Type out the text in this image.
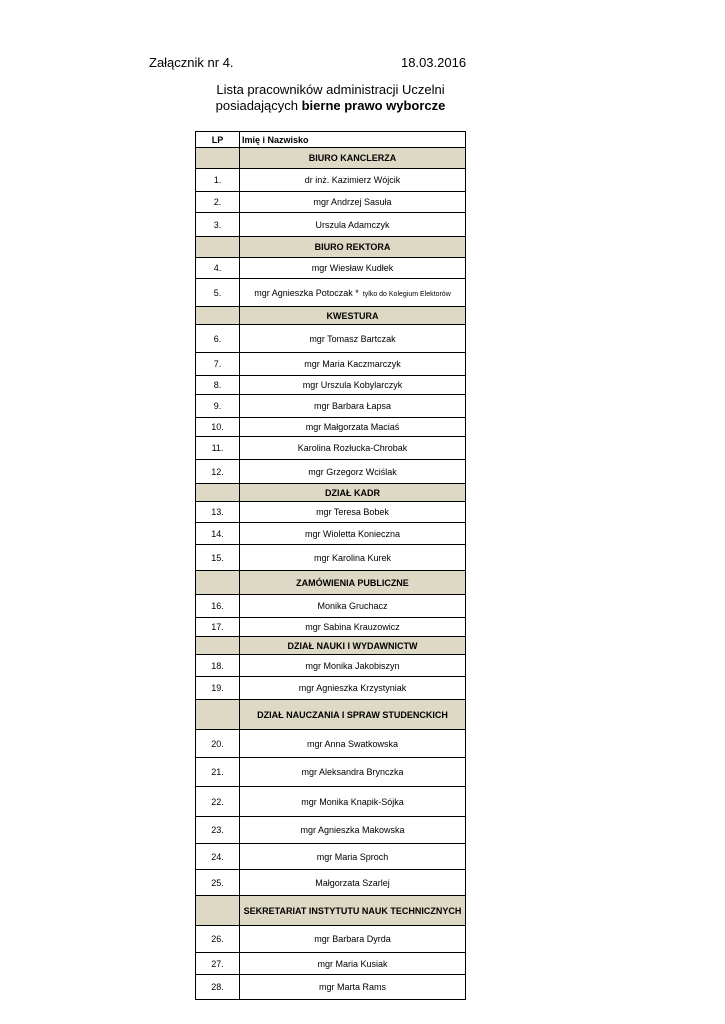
Załącznik nr 4.	18.03.2016
Lista pracowników administracji Uczelni
posiadających bierne prawo wyborcze
LP	Imię i Nazwisko
	BIURO KANCLERZA
1.	dr inż. Kazimierz Wójcik
2.	mgr Andrzej Sasuła
3.	Urszula Adamczyk
	BIURO REKTORA
4.	mgr Wiesław Kudłek
5.	mgr Agnieszka Potoczak * tylko do Kolegium Elektorów
	KWESTURA
6.	mgr Tomasz Bartczak
7.	mgr Maria Kaczmarczyk
8.	mgr Urszula Kobylarczyk
9.	mgr Barbara Łapsa
10.	mgr Małgorzata Maciaś
11.	Karolina Rozłucka-Chrobak
12.	mgr Grzegorz Wciślak
	DZIAŁ KADR
13.	mgr Teresa Bobek
14.	mgr Wioletta Konieczna
15.	mgr Karolina Kurek
	ZAMÓWIENIA PUBLICZNE
16.	Monika Gruchacz
17.	mgr Sabina Krauzowicz
	DZIAŁ NAUKI I WYDAWNICTW
18.	mgr Monika Jakobiszyn
19.	mgr Agnieszka Krzystyniak
	DZIAŁ NAUCZANIA I SPRAW STUDENCKICH
20.	mgr Anna Swatkowska
21.	mgr Aleksandra Brynczka
22.	mgr Monika Knapik-Sójka
23.	mgr Agnieszka Makowska
24.	mgr Maria Sproch
25.	Małgorzata Szarlej
	SEKRETARIAT INSTYTUTU NAUK TECHNICZNYCH
26.	mgr Barbara Dyrda
27.	mgr Maria Kusiak
28.	mgr Marta Rams
